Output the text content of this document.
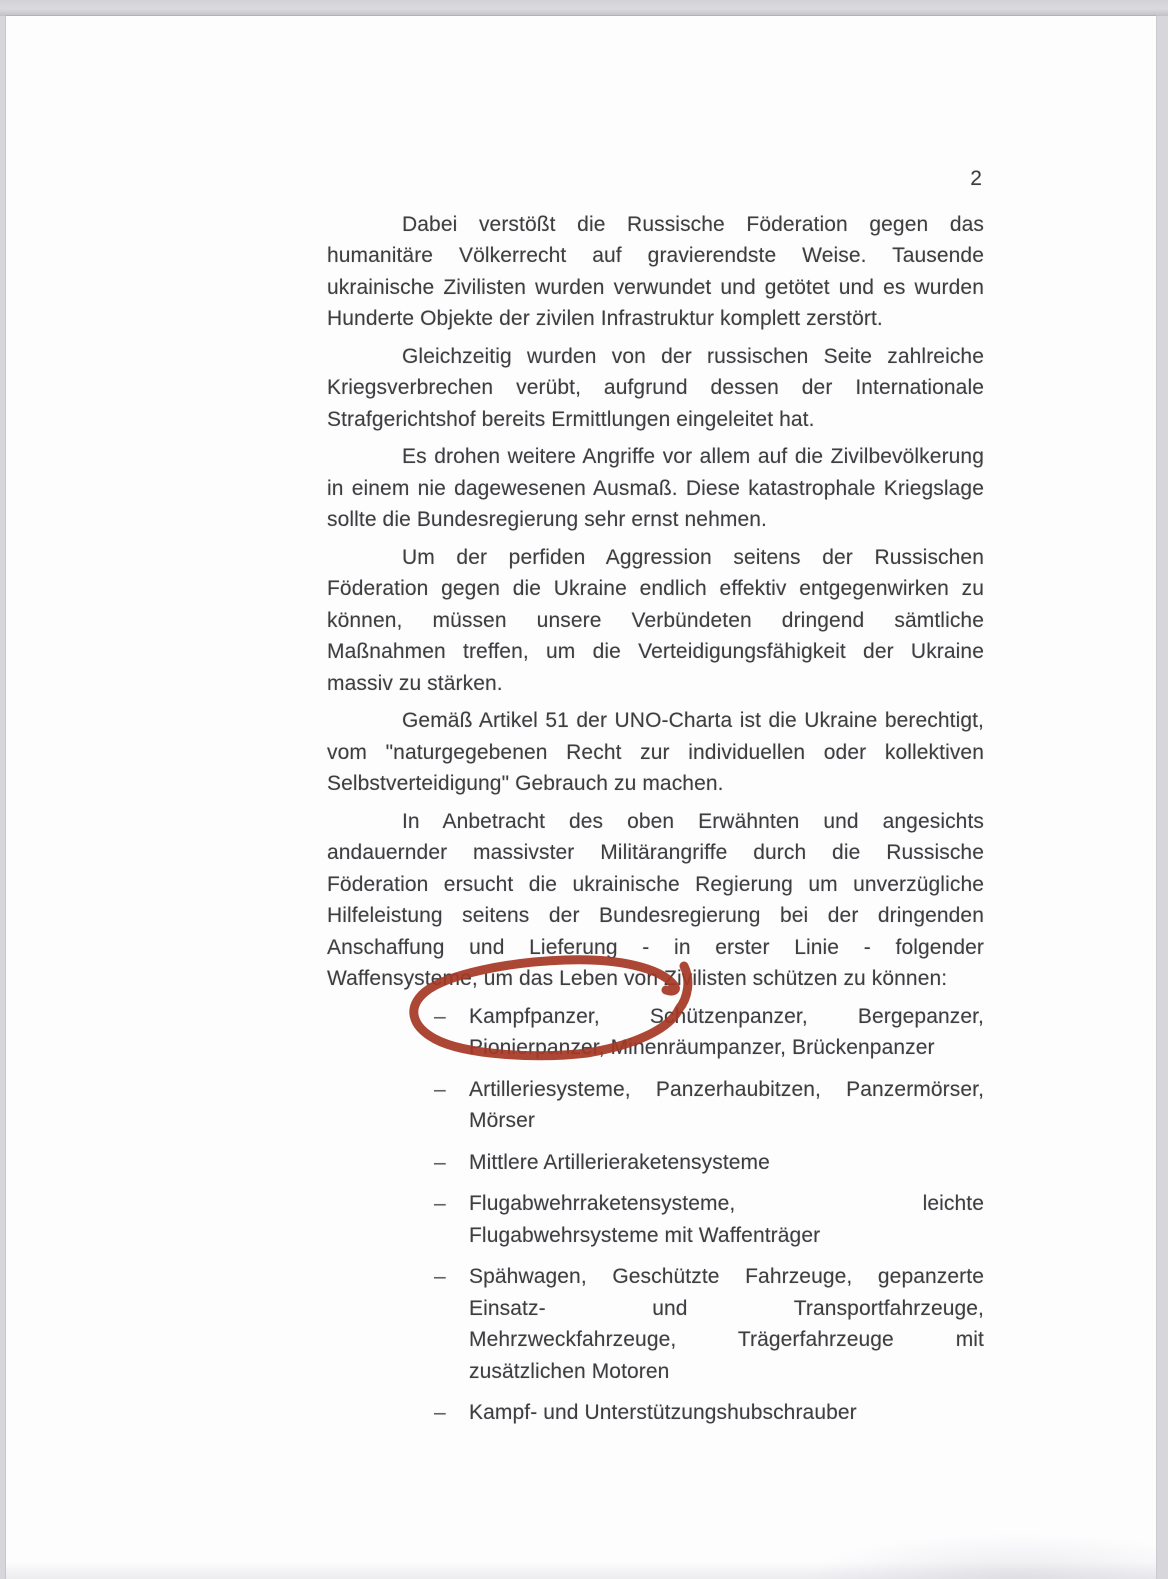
2

Dabei verstößt die Russische Föderation gegen das humanitäre Völkerrecht auf gravierendste Weise. Tausende ukrainische Zivilisten wurden verwundet und getötet und es wurden Hunderte Objekte der zivilen Infrastruktur komplett zerstört.

Gleichzeitig wurden von der russischen Seite zahlreiche Kriegsverbrechen verübt, aufgrund dessen der Internationale Strafgerichtshof bereits Ermittlungen eingeleitet hat.

Es drohen weitere Angriffe vor allem auf die Zivilbevölkerung in einem nie dagewesenen Ausmaß. Diese katastrophale Kriegslage sollte die Bundesregierung sehr ernst nehmen.

Um der perfiden Aggression seitens der Russischen Föderation gegen die Ukraine endlich effektiv entgegenwirken zu können, müssen unsere Verbündeten dringend sämtliche Maßnahmen treffen, um die Verteidigungsfähigkeit der Ukraine massiv zu stärken.

Gemäß Artikel 51 der UNO-Charta ist die Ukraine berechtigt, vom "naturgegebenen Recht zur individuellen oder kollektiven Selbstverteidigung" Gebrauch zu machen.

In Anbetracht des oben Erwähnten und angesichts andauernder massivster Militärangriffe durch die Russische Föderation ersucht die ukrainische Regierung um unverzügliche Hilfeleistung seitens der Bundesregierung bei der dringenden Anschaffung und Lieferung - in erster Linie - folgender Waffensysteme, um das Leben von Zivilisten schützen zu können:

– Kampfpanzer, Schützenpanzer, Bergepanzer, Pionierpanzer, Minenräumpanzer, Brückenpanzer
– Artilleriesysteme, Panzerhaubitzen, Panzermörser, Mörser
– Mittlere Artillerieraketensysteme
– Flugabwehrraketensysteme, leichte Flugabwehrsysteme mit Waffenträger
– Spähwagen, Geschützte Fahrzeuge, gepanzerte Einsatz- und Transportfahrzeuge, Mehrzweckfahrzeuge, Trägerfahrzeuge mit zusätzlichen Motoren
– Kampf- und Unterstützungshubschrauber
